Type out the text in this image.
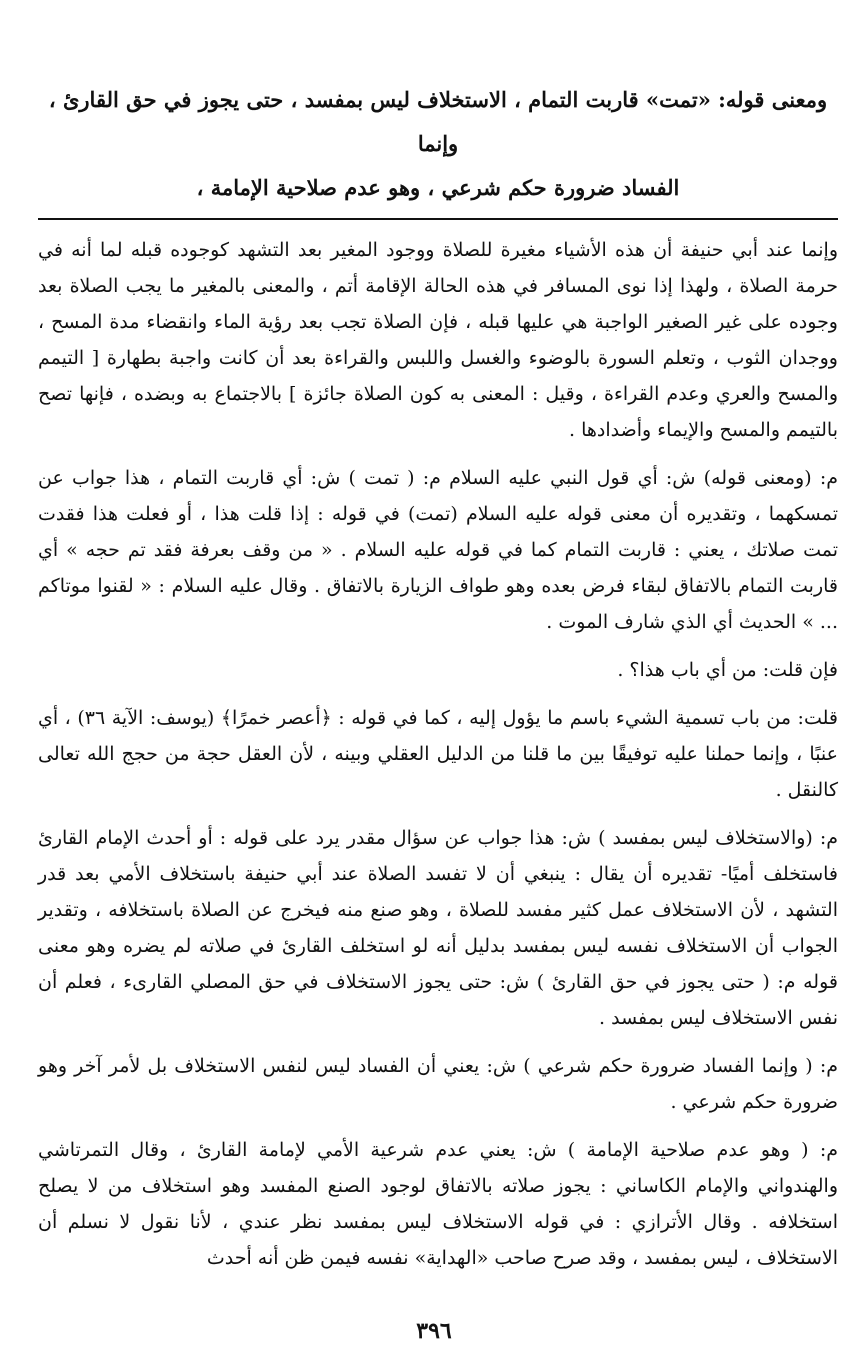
ومعنى قوله: «تمت» قاربت التمام ، الاستخلاف ليس بمفسد ، حتى يجوز في حق القارئ ، وإنما

الفساد ضرورة حكم شرعي ، وهو عدم صلاحية الإمامة ،

وإنما عند أبي حنيفة أن هذه الأشياء مغيرة للصلاة ووجود المغير بعد التشهد كوجوده قبله لما أنه في حرمة الصلاة ، ولهذا إذا نوى المسافر في هذه الحالة الإقامة أتم ، والمعنى بالمغير ما يجب الصلاة بعد وجوده على غير الصغير الواجبة هي عليها قبله ، فإن الصلاة تجب بعد رؤية الماء وانقضاء مدة المسح ، ووجدان الثوب ، وتعلم السورة بالوضوء والغسل واللبس والقراءة بعد أن كانت واجبة بطهارة [ التيمم والمسح والعري وعدم القراءة ، وقيل : المعنى به كون الصلاة جائزة ] بالاجتماع به وبضده ، فإنها تصح بالتيمم والمسح والإيماء وأضدادها .

م: (ومعنى قوله) ش: أي قول النبي عليه السلام م: ( تمت ) ش: أي قاربت التمام ، هذا جواب عن تمسكهما ، وتقديره أن معنى قوله عليه السلام (تمت) في قوله : إذا قلت هذا ، أو فعلت هذا فقدت تمت صلاتك ، يعني : قاربت التمام كما في قوله عليه السلام . « من وقف بعرفة فقد تم حجه » أي قاربت التمام بالاتفاق لبقاء فرض بعده وهو طواف الزيارة بالاتفاق . وقال عليه السلام : « لقنوا موتاكم ... » الحديث أي الذي شارف الموت .

فإن قلت: من أي باب هذا؟ .

قلت: من باب تسمية الشيء باسم ما يؤول إليه ، كما في قوله : ﴿أعصر خمرًا﴾ (يوسف: الآية ٣٦) ، أي عنبًا ، وإنما حملنا عليه توفيقًا بين ما قلنا من الدليل العقلي وبينه ، لأن العقل حجة من حجج الله تعالى كالنقل .

م: (والاستخلاف ليس بمفسد ) ش: هذا جواب عن سؤال مقدر يرد على قوله : أو أحدث الإمام القارئ فاستخلف أميًا- تقديره أن يقال : ينبغي أن لا تفسد الصلاة عند أبي حنيفة باستخلاف الأمي بعد قدر التشهد ، لأن الاستخلاف عمل كثير مفسد للصلاة ، وهو صنع منه فيخرج عن الصلاة باستخلافه ، وتقدير الجواب أن الاستخلاف نفسه ليس بمفسد بدليل أنه لو استخلف القارئ في صلاته لم يضره وهو معنى قوله م: ( حتى يجوز في حق القارئ ) ش: حتى يجوز الاستخلاف في حق المصلي القارىء ، فعلم أن نفس الاستخلاف ليس بمفسد .

م: ( وإنما الفساد ضرورة حكم شرعي ) ش: يعني أن الفساد ليس لنفس الاستخلاف بل لأمر آخر وهو ضرورة حكم شرعي .

م: ( وهو عدم صلاحية الإمامة ) ش: يعني عدم شرعية الأمي لإمامة القارئ ، وقال التمرتاشي والهندواني والإمام الكاساني : يجوز صلاته بالاتفاق لوجود الصنع المفسد وهو استخلاف من لا يصلح استخلافه . وقال الأترازي : في قوله الاستخلاف ليس بمفسد نظر عندي ، لأنا نقول لا نسلم أن الاستخلاف ، ليس بمفسد ، وقد صرح صاحب «الهداية» نفسه فيمن ظن أنه أحدث

٣٩٦
